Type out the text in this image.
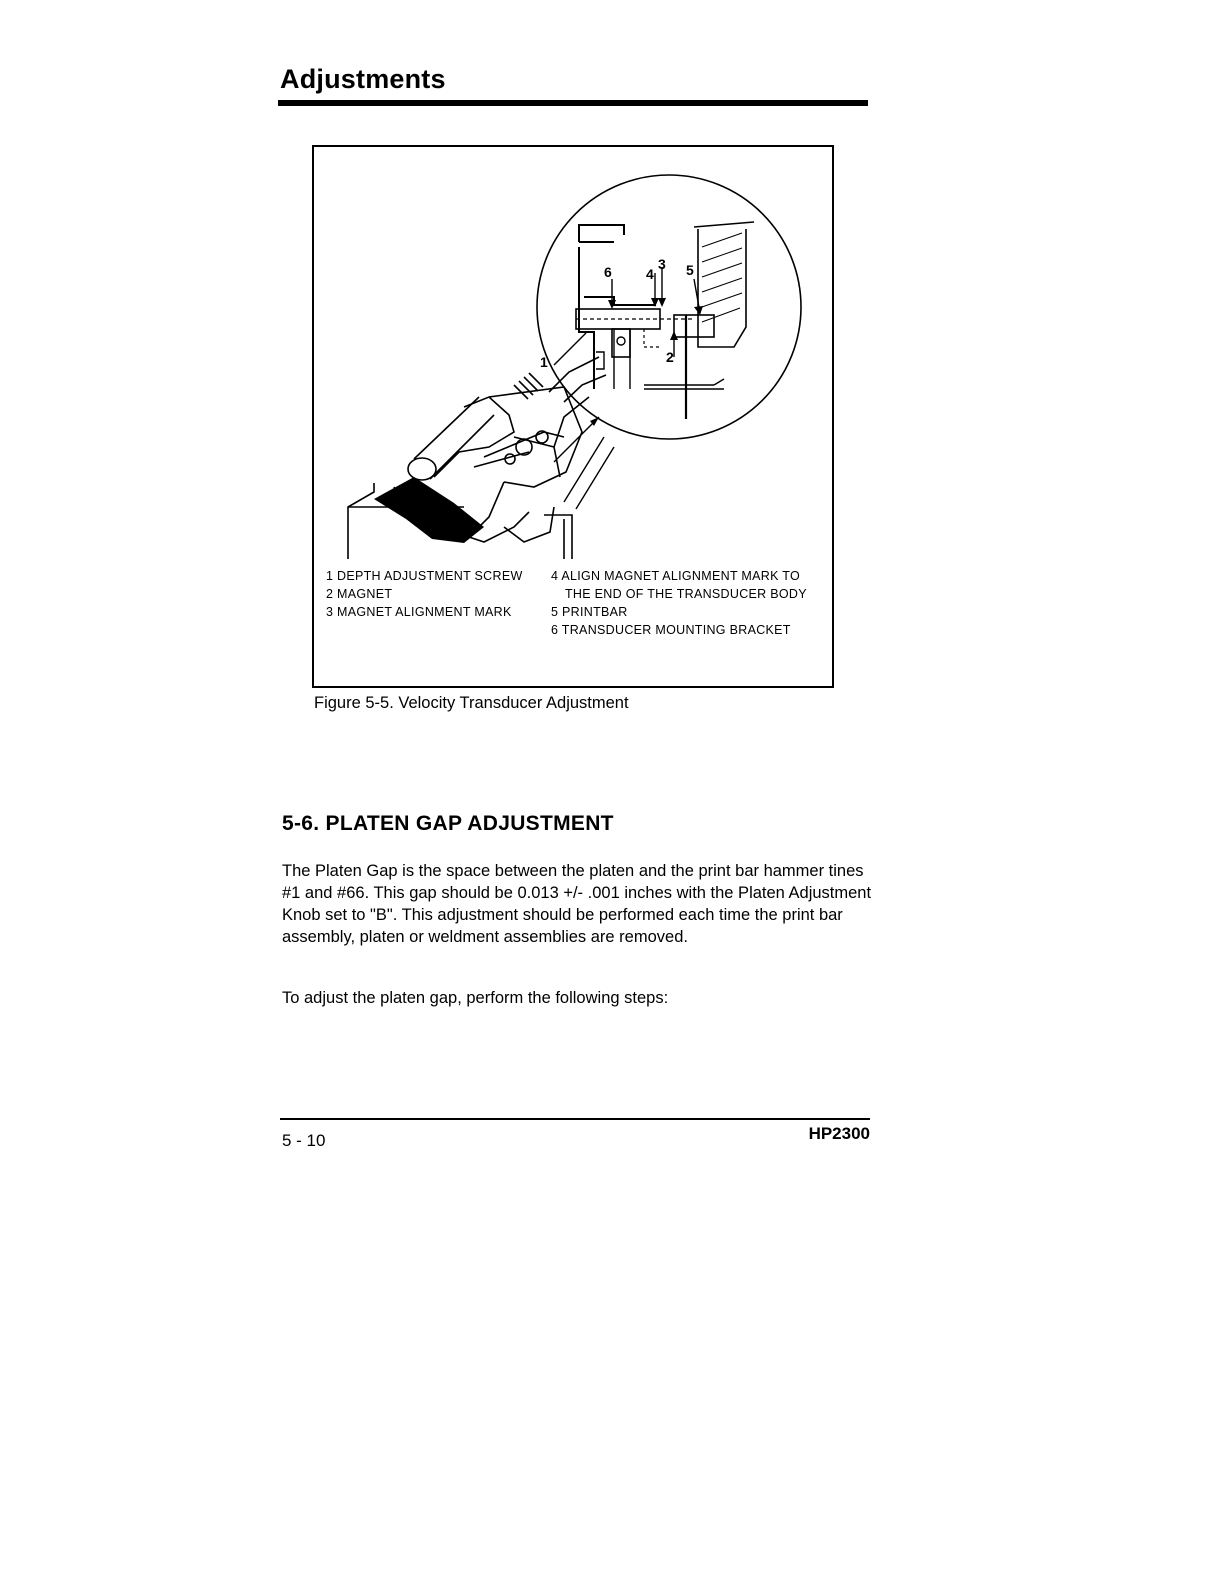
Adjustments
1	2
3
4 5
6
1 DEPTH ADJUSTMENT SCREW
2 MAGNET
3 MAGNET ALIGNMENT MARK
4 ALIGN MAGNET ALIGNMENT MARK TO
THE END OF THE TRANSDUCER BODY
5 PRINTBAR
6 TRANSDUCER MOUNTING BRACKET
Figure 5-5. Velocity Transducer Adjustment
5-6. PLATEN GAP ADJUSTMENT
The Platen Gap is the space between the platen and the print bar hammer tines #1 and #66. This gap should be 0.013 +/- .001 inches with the Platen Adjustment Knob set to "B". This adjustment should be performed each time the print bar assembly, platen or weldment assemblies are removed.
To adjust the platen gap, perform the following steps:
5 - 10	HP2300
